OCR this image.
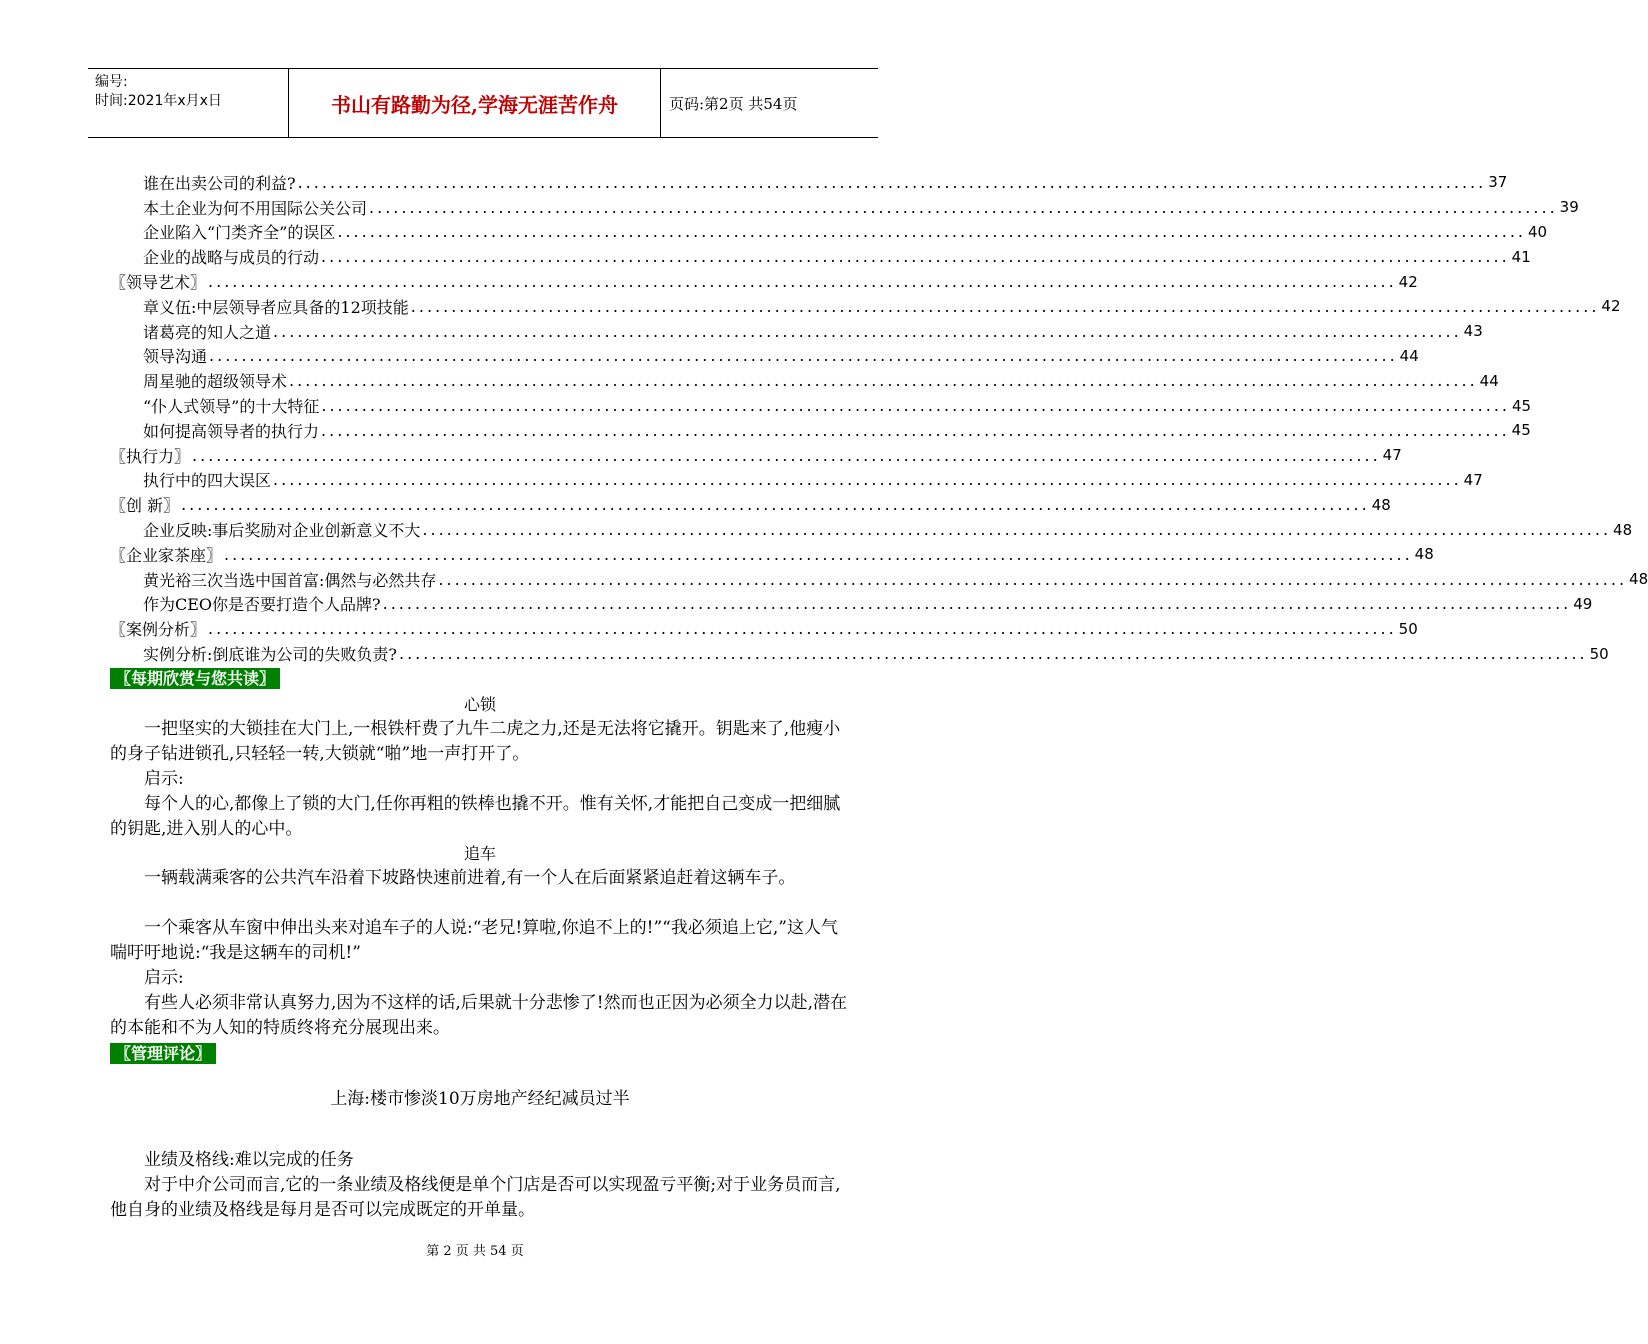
编号:
时间:2021年x月x日	书山有路勤为径,学海无涯苦作舟	页码:第2页 共54页
谁在出卖公司的利益? ................................................................................................................................................... 37
本土企业为何不用国际公关公司 ................................................................................................................................................... 39
企业陷入“门类齐全”的误区 ................................................................................................................................................... 40
企业的战略与成员的行动 ................................................................................................................................................... 41
〖领导艺术〗 ................................................................................................................................................... 42
章义伍:中层领导者应具备的12项技能 ................................................................................................................................................... 42
诸葛亮的知人之道 ................................................................................................................................................... 43
领导沟通 ................................................................................................................................................... 44
周星驰的超级领导术 ................................................................................................................................................... 44
“仆人式领导”的十大特征 ................................................................................................................................................... 45
如何提高领导者的执行力 ................................................................................................................................................... 45
〖执行力〗 ................................................................................................................................................... 47
执行中的四大误区 ................................................................................................................................................... 47
〖创 新〗 ................................................................................................................................................... 48
企业反映:事后奖励对企业创新意义不大 ................................................................................................................................................... 48
〖企业家茶座〗 ................................................................................................................................................... 48
黄光裕三次当选中国首富:偶然与必然共存 ................................................................................................................................................... 48
作为CEO你是否要打造个人品牌? ................................................................................................................................................... 49
〖案例分析〗 ................................................................................................................................................... 50
实例分析:倒底谁为公司的失败负责? ................................................................................................................................................... 50
〖每期欣赏与您共读〗
心锁
　　一把坚实的大锁挂在大门上,一根铁杆费了九牛二虎之力,还是无法将它撬开。钥匙来了,他瘦小的身子钻进锁孔,只轻轻一转,大锁就“啪”地一声打开了。
　　启示:
　　每个人的心,都像上了锁的大门,任你再粗的铁棒也撬不开。惟有关怀,才能把自己变成一把细腻的钥匙,进入别人的心中。
追车
　　一辆载满乘客的公共汽车沿着下坡路快速前进着,有一个人在后面紧紧追赶着这辆车子。
　　一个乘客从车窗中伸出头来对追车子的人说:“老兄!算啦,你追不上的!”“我必须追上它,”这人气喘吁吁地说:“我是这辆车的司机!”
　　启示:
　　有些人必须非常认真努力,因为不这样的话,后果就十分悲惨了!然而也正因为必须全力以赴,潜在的本能和不为人知的特质终将充分展现出来。
〖管理评论〗
上海:楼市惨淡10万房地产经纪减员过半
　　业绩及格线:难以完成的任务
　　对于中介公司而言,它的一条业绩及格线便是单个门店是否可以实现盈亏平衡;对于业务员而言,他自身的业绩及格线是每月是否可以完成既定的开单量。
第 2 页 共 54 页
